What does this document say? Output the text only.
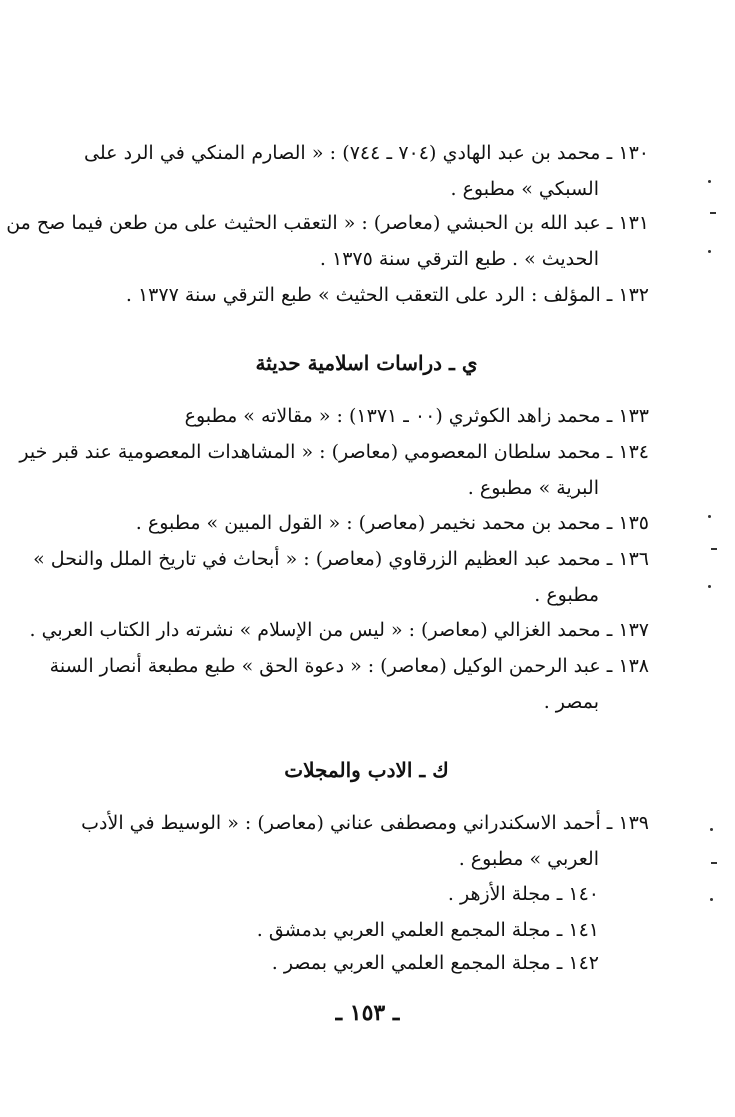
١٣٠ ـ محمد بن عبد الهادي (٧٠٤ ـ ٧٤٤) : « الصارم المنكي في الرد على
السبكي » مطبوع .
١٣١ ـ عبد الله بن الحبشي (معاصر) : « التعقب الحثيث على من طعن فيما صح من
الحديث » . طبع الترقي سنة ١٣٧٥ .
١٣٢ ـ المؤلف : الرد على التعقب الحثيث » طبع الترقي سنة ١٣٧٧ .
ي ـ دراسات اسلامية حديثة
١٣٣ ـ محمد زاهد الكوثري (٠٠ ـ ١٣٧١) : « مقالاته » مطبوع
١٣٤ ـ محمد سلطان المعصومي (معاصر) : « المشاهدات المعصومية عند قبر خير
البرية » مطبوع .
١٣٥ ـ محمد بن محمد نخيمر (معاصر) : « القول المبين » مطبوع .
١٣٦ ـ محمد عبد العظيم الزرقاوي (معاصر) : « أبحاث في تاريخ الملل والنحل »
مطبوع .
١٣٧ ـ محمد الغزالي (معاصر) : « ليس من الإسلام » نشرته دار الكتاب العربي .
١٣٨ ـ عبد الرحمن الوكيل (معاصر) : « دعوة الحق » طبع مطبعة أنصار السنة
بمصر .
ك ـ الادب والمجلات
١٣٩ ـ أحمد الاسكندراني ومصطفى عناني (معاصر) : « الوسيط في الأدب
العربي » مطبوع .
١٤٠ ـ مجلة الأزهر .
١٤١ ـ مجلة المجمع العلمي العربي بدمشق .
١٤٢ ـ مجلة المجمع العلمي العربي بمصر .
ـ ١٥٣ ـ
